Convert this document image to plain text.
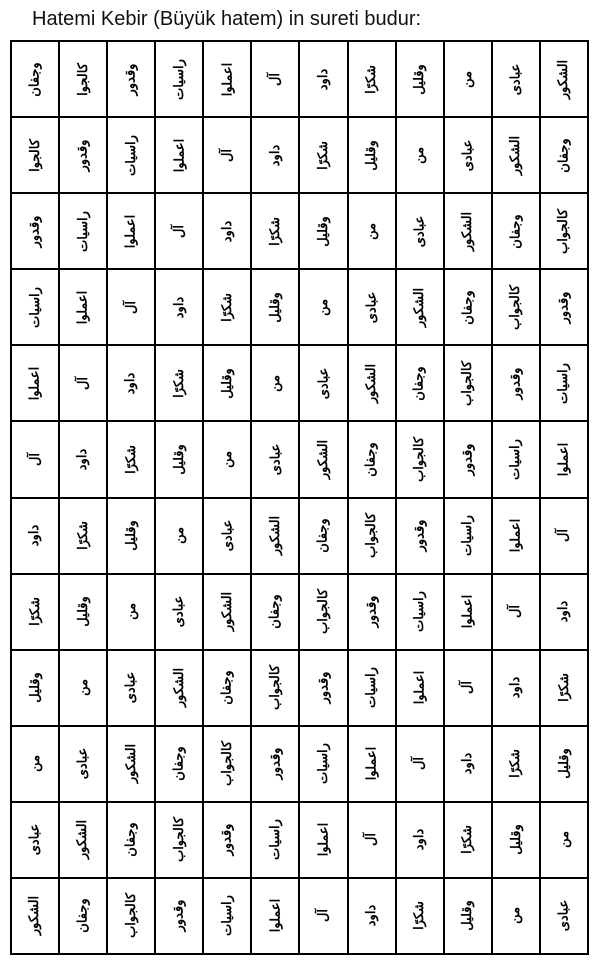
Hatemi Kebir (Büyük hatem) in sureti budur:
وجفان	كالجوا	وقدور	راسيات	اعملوا	آل	داود	شكرًا	وقليل	من	عبادى	الشكور
كالجوا	وقدور	راسيات	اعملوا	آل	داود	شكرًا	وقليل	من	عبادى	الشكور	وجفان
وقدور	راسيات	اعملوا	آل	داود	شكرًا	وقليل	من	عبادى	الشكور	وجفان	كالجواب
راسيات	اعملوا	آل	داود	شكرًا	وقليل	من	عبادى	الشكور	وجفان	كالجواب	وقدور
اعملوا	آل	داود	شكرًا	وقليل	من	عبادى	الشكور	وجفان	كالجواب	وقدور	راسيات
آل	داود	شكرًا	وقليل	من	عبادى	الشكور	وجفان	كالجواب	وقدور	راسيات	اعملوا
داود	شكرًا	وقليل	من	عبادى	الشكور	وجفان	كالجواب	وقدور	راسيات	اعملوا	آل
شكرًا	وقليل	من	عبادى	الشكور	وجفان	كالجواب	وقدور	راسيات	اعملوا	آل	داود
وقليل	من	عبادى	الشكور	وجفان	كالجواب	وقدور	راسيات	اعملوا	آل	داود	شكرًا
من	عبادى	الشكور	وجفان	كالجواب	وقدور	راسيات	اعملوا	آل	داود	شكرًا	وقليل
عبادى	الشكور	وجفان	كالجواب	وقدور	راسيات	اعملوا	آل	داود	شكرًا	وقليل	من
الشكور	وجفان	كالجواب	وقدور	راسيات	اعملوا	آل	داود	شكرًا	وقليل	من	عبادى
